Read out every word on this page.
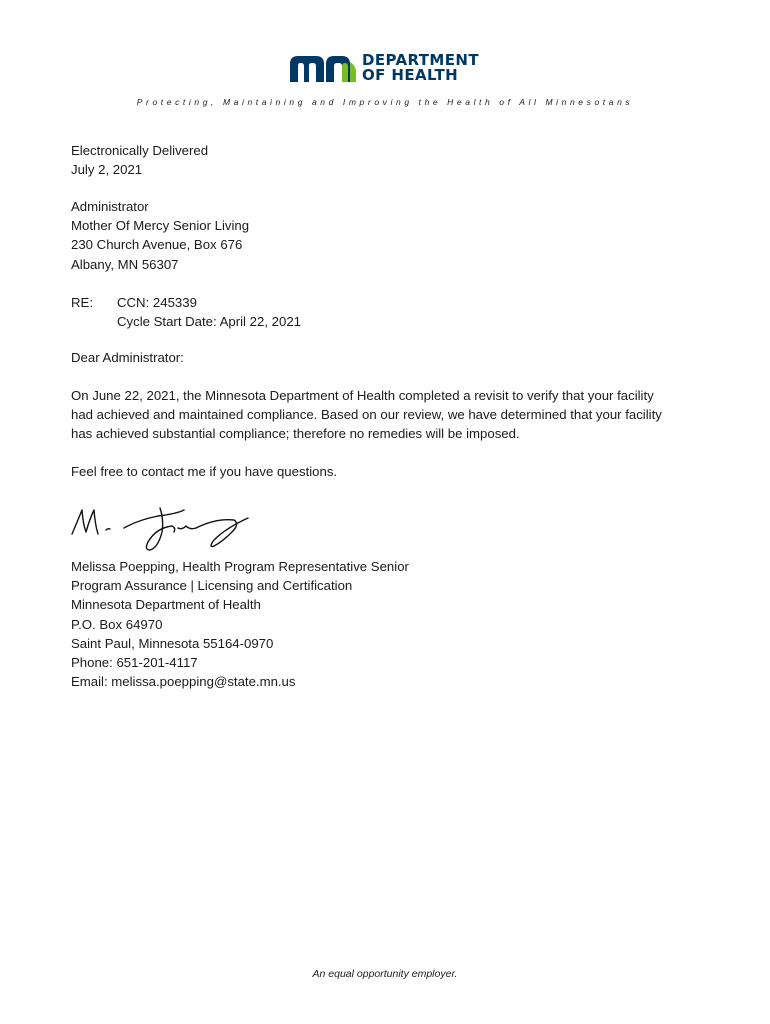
DEPARTMENT
OF HEALTH
Protecting, Maintaining and Improving the Health of All Minnesotans
Electronically Delivered
July 2, 2021
Administrator
Mother Of Mercy Senior Living
230 Church Avenue, Box 676
Albany, MN 56307
RE: CCN: 245339
Cycle Start Date: April 22, 2021
Dear Administrator:
On June 22, 2021, the Minnesota Department of Health completed a revisit to verify that your facility
had achieved and maintained compliance. Based on our review, we have determined that your facility
has achieved substantial compliance; therefore no remedies will be imposed.
Feel free to contact me if you have questions.
Melissa Poepping, Health Program Representative Senior
Program Assurance | Licensing and Certification
Minnesota Department of Health
P.O. Box 64970
Saint Paul, Minnesota 55164-0970
Phone: 651-201-4117
Email: melissa.poepping@state.mn.us
An equal opportunity employer.
